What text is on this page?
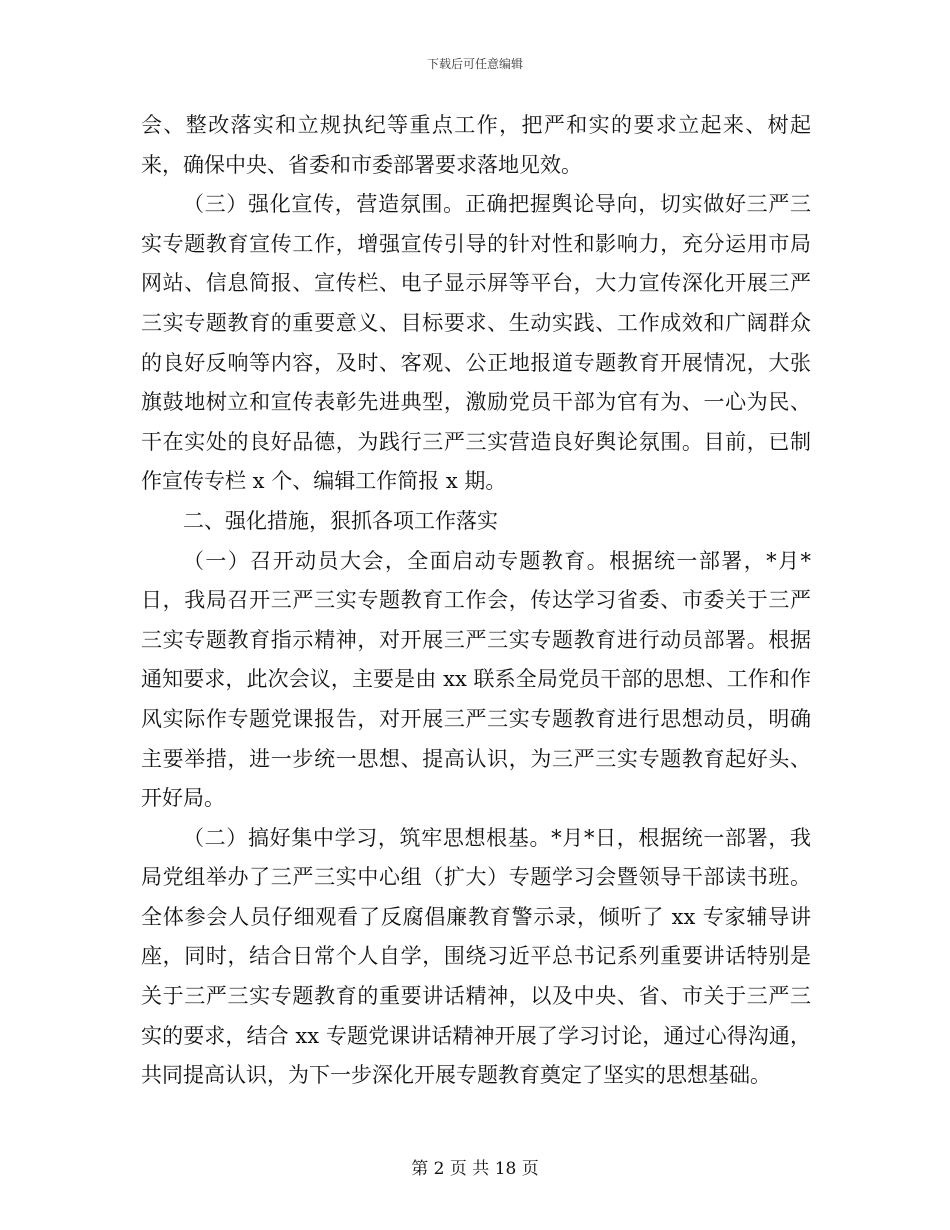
下载后可任意编辑

会、整改落实和立规执纪等重点工作，把严和实的要求立起来、树起来，确保中央、省委和市委部署要求落地见效。

（三）强化宣传，营造氛围。正确把握舆论导向，切实做好三严三实专题教育宣传工作，增强宣传引导的针对性和影响力，充分运用市局网站、信息简报、宣传栏、电子显示屏等平台，大力宣传深化开展三严三实专题教育的重要意义、目标要求、生动实践、工作成效和广阔群众的良好反响等内容，及时、客观、公正地报道专题教育开展情况，大张旗鼓地树立和宣传表彰先进典型，激励党员干部为官有为、一心为民、干在实处的良好品德，为践行三严三实营造良好舆论氛围。目前，已制作宣传专栏 x 个、编辑工作简报 x 期。

二、强化措施，狠抓各项工作落实

（一）召开动员大会，全面启动专题教育。根据统一部署，*月*日，我局召开三严三实专题教育工作会，传达学习省委、市委关于三严三实专题教育指示精神，对开展三严三实专题教育进行动员部署。根据通知要求，此次会议，主要是由 xx 联系全局党员干部的思想、工作和作风实际作专题党课报告，对开展三严三实专题教育进行思想动员，明确主要举措，进一步统一思想、提高认识，为三严三实专题教育起好头、开好局。

（二）搞好集中学习，筑牢思想根基。*月*日，根据统一部署，我局党组举办了三严三实中心组（扩大）专题学习会暨领导干部读书班。全体参会人员仔细观看了反腐倡廉教育警示录，倾听了 xx 专家辅导讲座，同时，结合日常个人自学，围绕习近平总书记系列重要讲话特别是关于三严三实专题教育的重要讲话精神，以及中央、省、市关于三严三实的要求，结合 xx 专题党课讲话精神开展了学习讨论，通过心得沟通，共同提高认识，为下一步深化开展专题教育奠定了坚实的思想基础。

第 2 页 共 18 页
